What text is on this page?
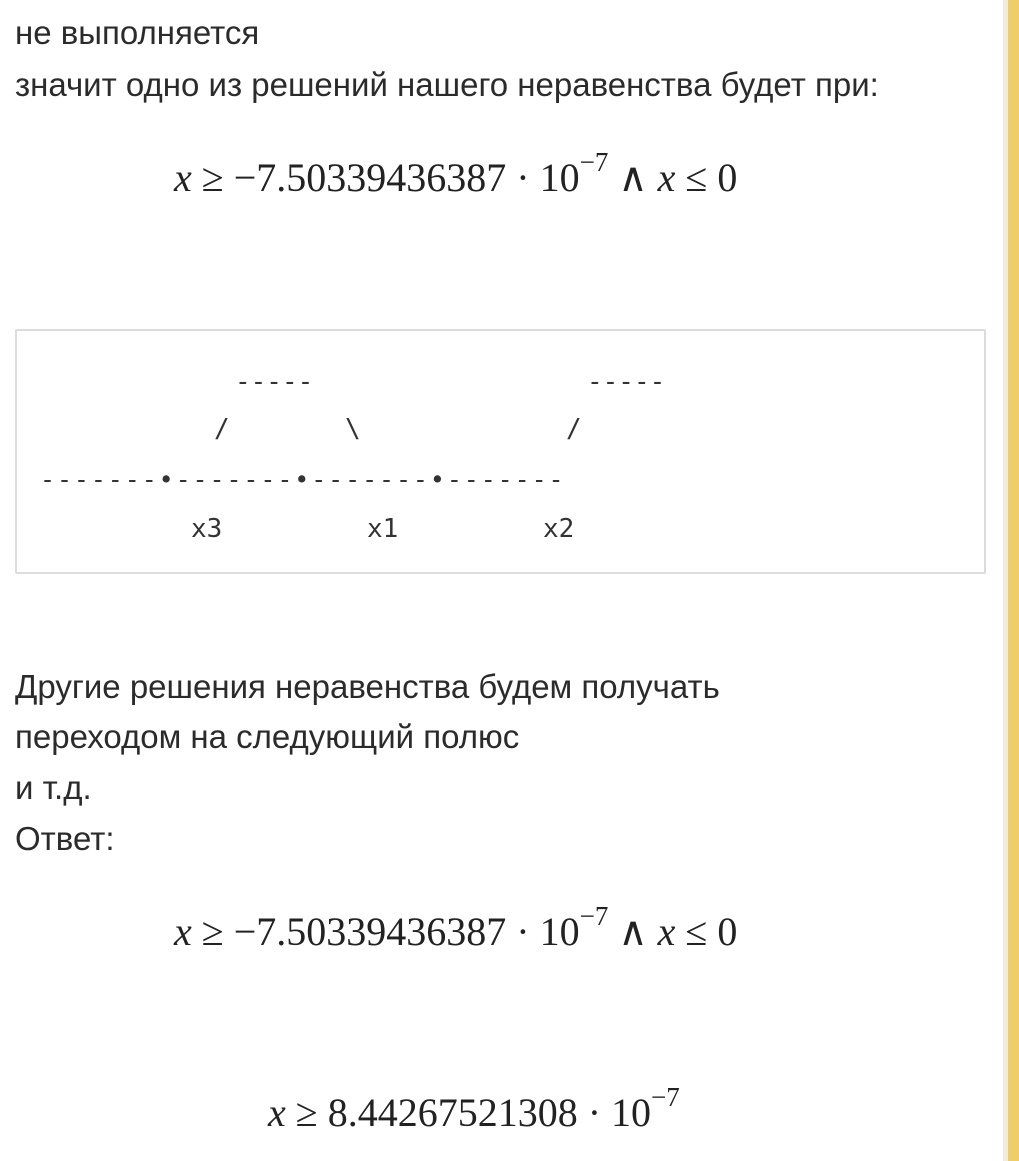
не выполняется
значит одно из решений нашего неравенства будет при:
$x \ge -7.50339436387 \cdot 10^{-7}$ ∧ x ≤ 0
-----	-----
/	\	/
-------•-------•-------•-------
x3	x1	x2
Другие решения неравенства будем получать
переходом на следующий полюс
и т.д.
Ответ:
$x \ge -7.50339436387 \cdot 10^{-7}$ ∧ x ≤ 0
$x \ge 8.44267521308 \cdot 10^{-7}$
